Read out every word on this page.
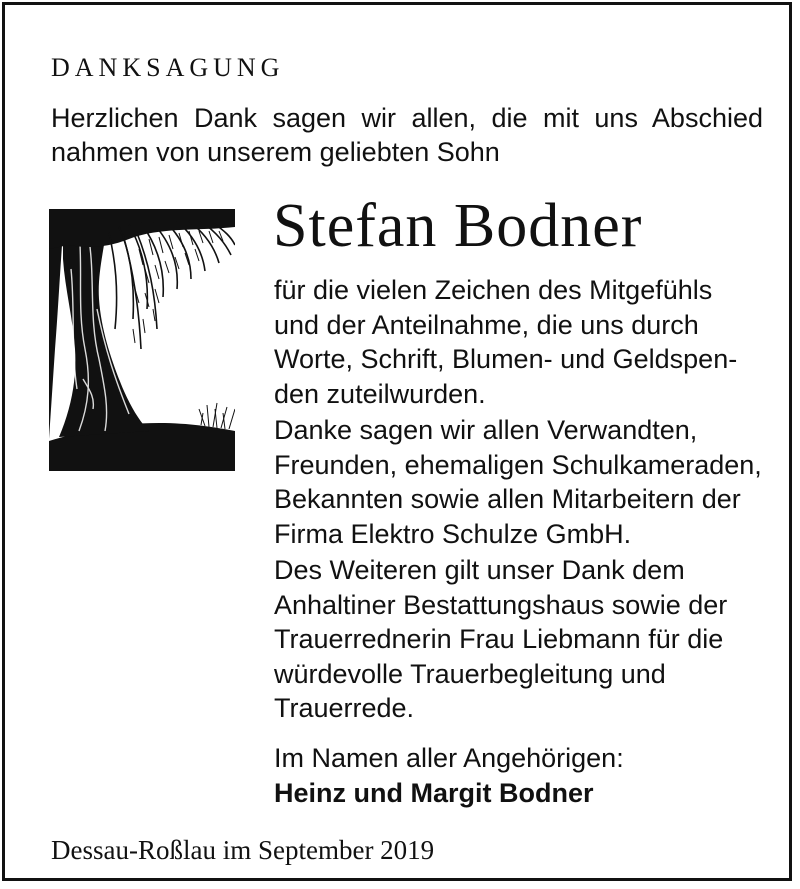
DANKSAGUNG
Herzlichen Dank sagen wir allen, die mit uns Abschied
nahmen von unserem geliebten Sohn
Stefan Bodner
für die vielen Zeichen des Mitgefühls
und der Anteilnahme, die uns durch
Worte, Schrift, Blumen- und Geldspen-
den zuteilwurden.
Danke sagen wir allen Verwandten,
Freunden, ehemaligen Schulkameraden,
Bekannten sowie allen Mitarbeitern der
Firma Elektro Schulze GmbH.
Des Weiteren gilt unser Dank dem
Anhaltiner Bestattungshaus sowie der
Trauerrednerin Frau Liebmann für die
würdevolle Trauerbegleitung und
Trauerrede.
Im Namen aller Angehörigen:
Heinz und Margit Bodner
Dessau-Roßlau im September 2019
